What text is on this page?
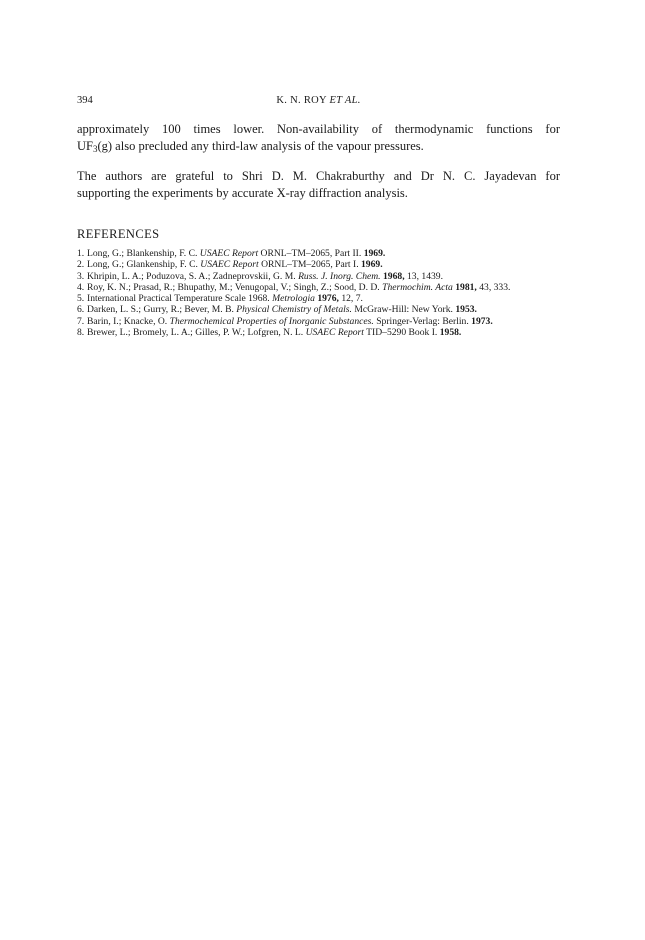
394	K. N. ROY ET AL.
approximately 100 times lower. Non-availability of thermodynamic functions for
$UF_3(g)$ also precluded any third-law analysis of the vapour pressures.
The authors are grateful to Shri D. M. Chakraburthy and Dr N. C. Jayadevan for
supporting the experiments by accurate X-ray diffraction analysis.
REFERENCES
1. Long, G.; Blankenship, F. C. USAEC Report ORNL–TM–2065, Part II. 1969.
2. Long, G.; Glankenship, F. C. USAEC Report ORNL–TM–2065, Part I. 1969.
3. Khripin, L. A.; Poduzova, S. A.; Zadneprovskii, G. M. Russ. J. Inorg. Chem. 1968, 13, 1439.
4. Roy, K. N.; Prasad, R.; Bhupathy, M.; Venugopal, V.; Singh, Z.; Sood, D. D. Thermochim. Acta 1981, 43, 333.
5. International Practical Temperature Scale 1968. Metrologia 1976, 12, 7.
6. Darken, L. S.; Gurry, R.; Bever, M. B. Physical Chemistry of Metals. McGraw-Hill: New York. 1953.
7. Barin, I.; Knacke, O. Thermochemical Properties of Inorganic Substances. Springer-Verlag: Berlin. 1973.
8. Brewer, L.; Bromely, L. A.; Gilles, P. W.; Lofgren, N. L. USAEC Report TID–5290 Book I. 1958.
